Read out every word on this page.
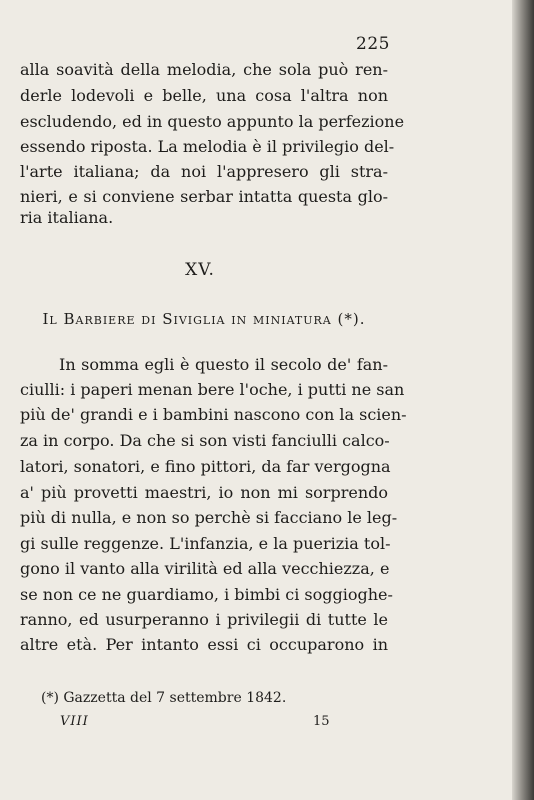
225
alla soavità della melodia, che sola può ren-
derle lodevoli e belle, una cosa l'altra non
escludendo, ed in questo appunto la perfezione
essendo riposta. La melodia è il privilegio del-
l'arte italiana; da noi l'appresero gli stra-
nieri, e si conviene serbar intatta questa glo-
ria italiana.
XV.
Il Barbiere di Siviglia in miniatura (*).
In somma egli è questo il secolo de' fan-
ciulli: i paperi menan bere l'oche, i putti ne san
più de' grandi e i bambini nascono con la scien-
za in corpo. Da che si son visti fanciulli calco-
latori, sonatori, e fino pittori, da far vergogna
a' più provetti maestri, io non mi sorprendo
più di nulla, e non so perchè si facciano le leg-
gi sulle reggenze. L'infanzia, e la puerizia tol-
gono il vanto alla virilità ed alla vecchiezza, e
se non ce ne guardiamo, i bimbi ci soggioghe-
ranno, ed usurperanno i privilegii di tutte le
altre età. Per intanto essi ci occuparono in
(*) Gazzetta del 7 settembre 1842.
VIII	15
